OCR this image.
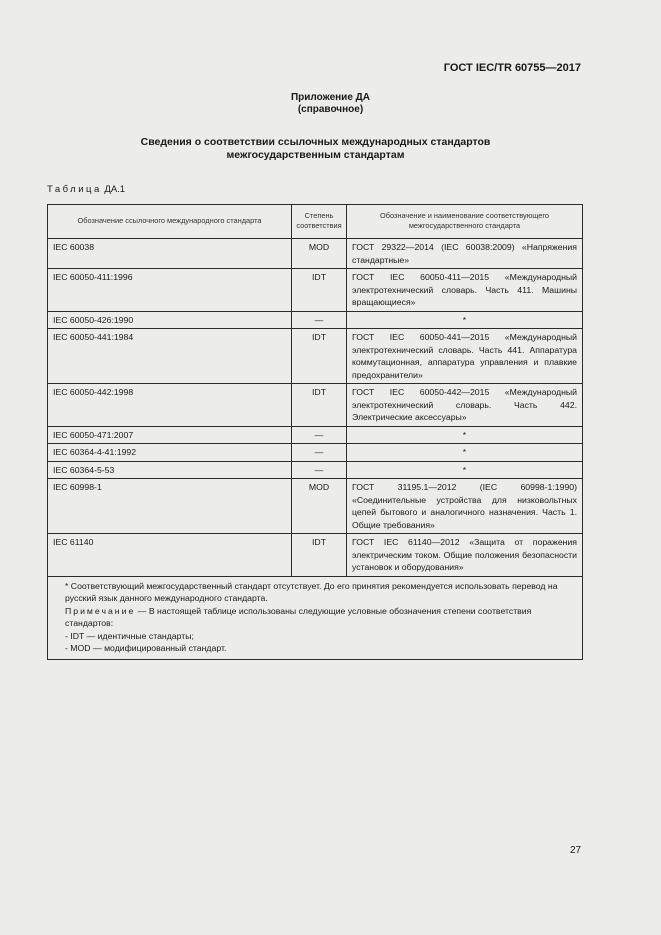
ГОСТ IEC/TR 60755—2017
Приложение ДА
(справочное)
Сведения о соответствии ссылочных международных стандартов
межгосударственным стандартам
Таблица ДА.1
Обозначение ссылочного международного стандарта	Степень соответствия	Обозначение и наименование соответствующего межгосударственного стандарта
IEC 60038	MOD	ГОСТ 29322—2014 (IEC 60038:2009) «Напряжения стандартные»
IEC 60050-411:1996	IDT	ГОСТ IEC 60050-411—2015 «Международный электротехнический словарь. Часть 411. Машины вращающиеся»
IEC 60050-426:1990	—	*
IEC 60050-441:1984	IDT	ГОСТ IEC 60050-441—2015 «Международный электротехнический словарь. Часть 441. Аппаратура коммутационная, аппаратура управления и плавкие предохранители»
IEC 60050-442:1998	IDT	ГОСТ IEC 60050-442—2015 «Международный электротехнический словарь. Часть 442. Электрические аксессуары»
IEC 60050-471:2007	—	*
IEC 60364-4-41:1992	—	*
IEC 60364-5-53	—	*
IEC 60998-1	MOD	ГОСТ 31195.1—2012 (IEC 60998-1:1990) «Соединительные устройства для низковольтных цепей бытового и аналогичного назначения. Часть 1. Общие требования»
IEC 61140	IDT	ГОСТ IEC 61140—2012 «Защита от поражения электрическим током. Общие положения безопасности установок и оборудования»

* Соответствующий межгосударственный стандарт отсутствует. До его принятия рекомендуется использовать перевод на русский язык данного международного стандарта.

Примечание — В настоящей таблице использованы следующие условные обозначения степени соответствия стандартов:

- IDT — идентичные стандарты;

- MOD — модифицированный стандарт.		

27
